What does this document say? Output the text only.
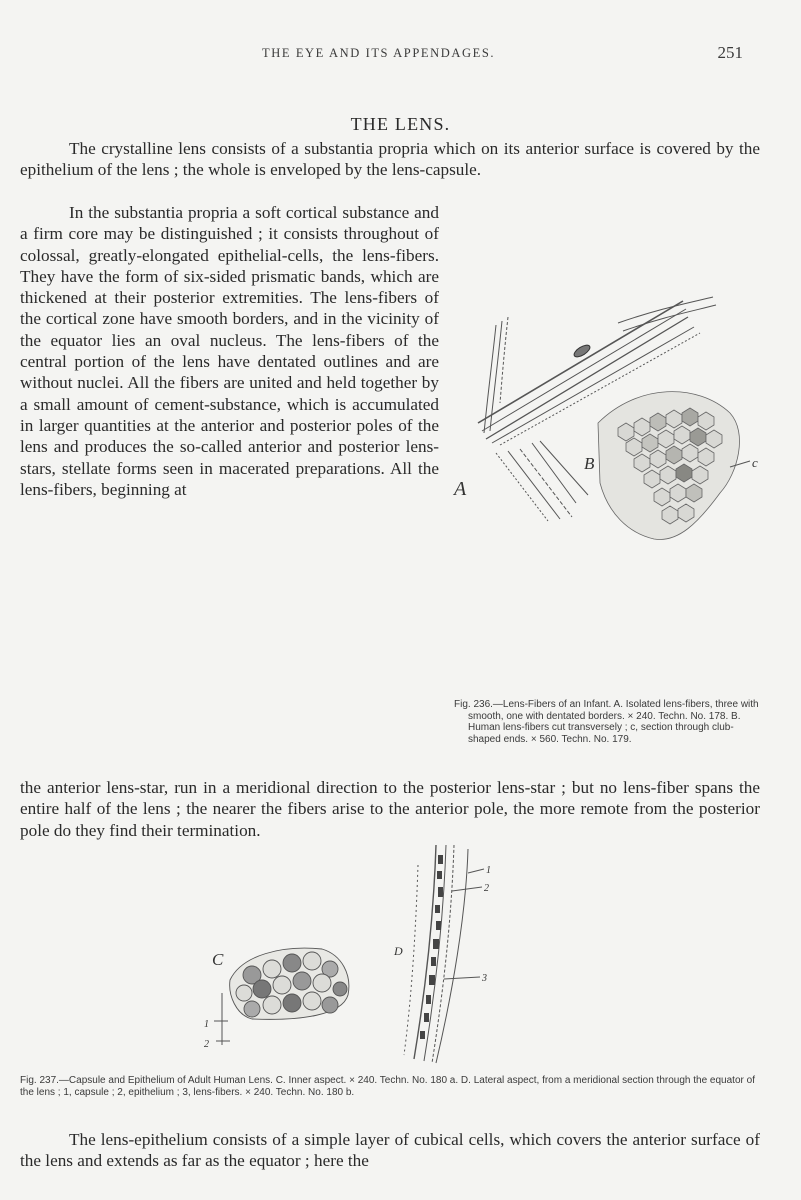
THE EYE AND ITS APPENDAGES.	251
THE LENS.

The crystalline lens consists of a substantia propria which on its anterior surface is covered by the epithelium of the lens ; the whole is enveloped by the lens-capsule.

In the substantia propria a soft cortical substance and a firm core may be distinguished ; it consists throughout of colossal, greatly-elongated epithelial-cells, the lens-fibers. They have the form of six-sided prismatic bands, which are thickened at their posterior extremities. The lens-fibers of the cortical zone have smooth borders, and in the vicinity of the equator lies an oval nucleus. The lens-fibers of the central portion of the lens have dentated outlines and are without nuclei. All the fibers are united and held together by a small amount of cement-substance, which is accumulated in larger quantities at the anterior and posterior poles of the lens and produces the so-called anterior and posterior lens-stars, stellate forms seen in macerated preparations. All the lens-fibers, beginning at	A
B	c

Fig. 236.—Lens-Fibers of an Infant. A. Isolated lens-fibers, three with smooth, one with dentated borders. × 240. Techn. No. 178. B. Human lens-fibers cut transversely ; c, section through club-shaped ends. × 560. Techn. No. 179.

the anterior lens-star, run in a meridional direction to the posterior lens-star ; but no lens-fiber spans the entire half of the lens ; the nearer the fibers arise to the anterior pole, the more remote from the posterior pole do they find their termination.

C
1
2
D
1
2
3

Fig. 237.—Capsule and Epithelium of Adult Human Lens. C. Inner aspect. × 240. Techn. No. 180 a. D. Lateral aspect, from a meridional section through the equator of the lens ; 1, capsule ; 2, epithelium ; 3, lens-fibers. × 240. Techn. No. 180 b.

The lens-epithelium consists of a simple layer of cubical cells, which covers the anterior surface of the lens and extends as far as the equator ; here the
